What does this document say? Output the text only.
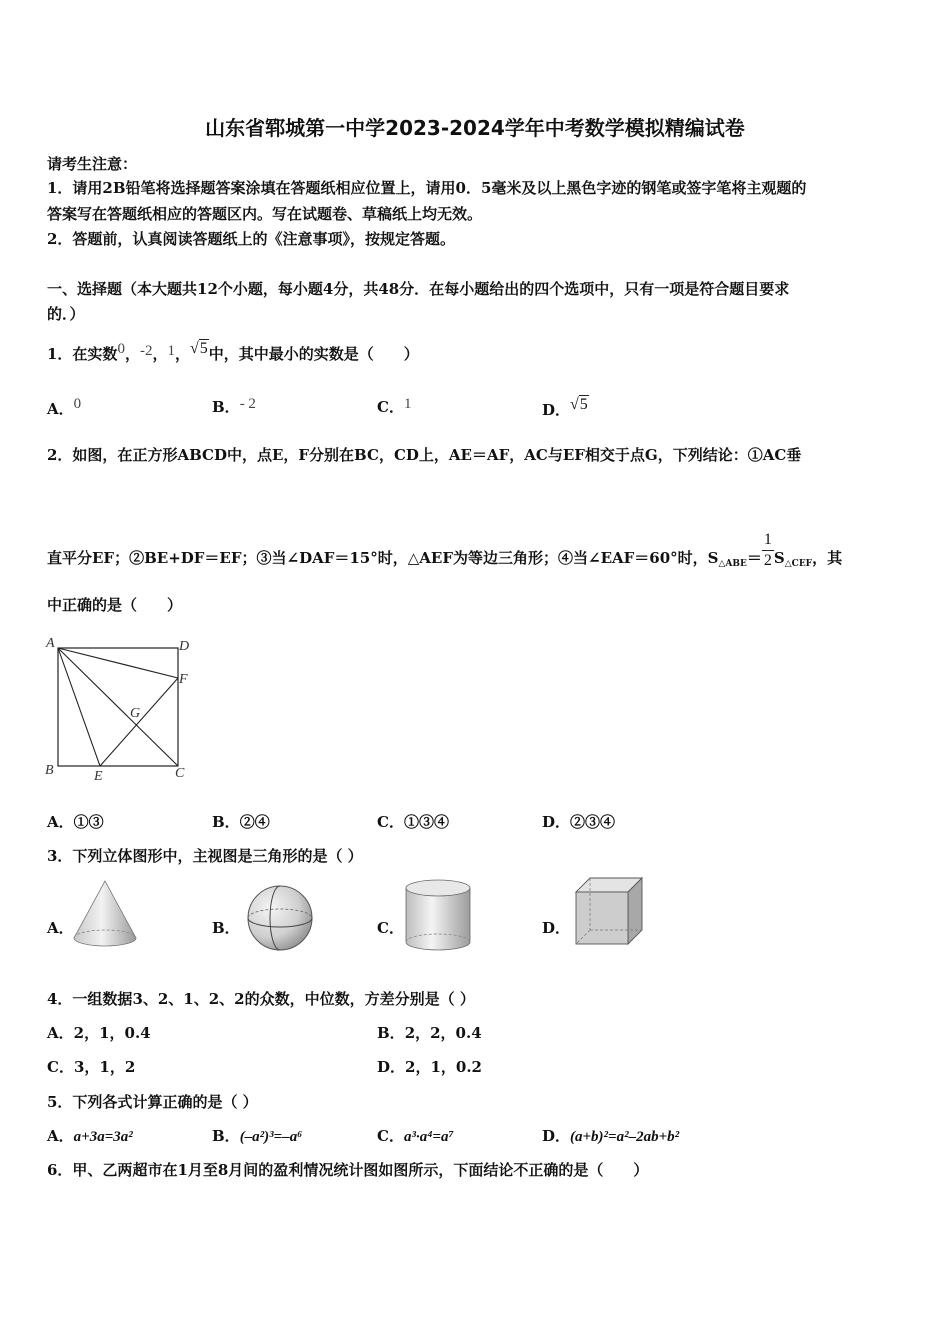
山东省郓城第一中学2023-2024学年中考数学模拟精编试卷
请考生注意：
1．请用2B铅笔将选择题答案涂填在答题纸相应位置上，请用0．5毫米及以上黑色字迹的钢笔或签字笔将主观题的
答案写在答题纸相应的答题区内。写在试题卷、草稿纸上均无效。
2．答题前，认真阅读答题纸上的《注意事项》，按规定答题。
一、选择题（本大题共12个小题，每小题4分，共48分．在每小题给出的四个选项中，只有一项是符合题目要求
的．）
1．在实数0，-2，1，√5中，其中最小的实数是（　　）
A．0	B．- 2	C．1	D．√5
2．如图，在正方形ABCD中，点E，F分别在BC，CD上，AE＝AF，AC与EF相交于点G，下列结论：①AC垂
直平分EF；②BE+DF＝EF；③当∠DAF＝15°时，△AEF为等边三角形；④当∠EAF＝60°时，$S_{\triangle ABE}= \frac{1}{2} S_{\triangle CEF}$，其
中正确的是（　　）
A	D
F
G
B	E	C
A．①③	B．②④	C．①③④	D．②③④
3．下列立体图形中，主视图是三角形的是（ ）
A．	B．	C．	D．
4．一组数据3、2、1、2、2的众数，中位数，方差分别是（ ）
A．2，1，0.4	B．2，2，0.4
C．3，1，2	D．2，1，0.2
5．下列各式计算正确的是（ ）
A．a+3a=3a²	B．(–a²)³=–a⁶	C．a³·a⁴=a⁷	D．(a+b)²=a²–2ab+b²
6．甲、乙两超市在1月至8月间的盈利情况统计图如图所示，下面结论不正确的是（　　）
